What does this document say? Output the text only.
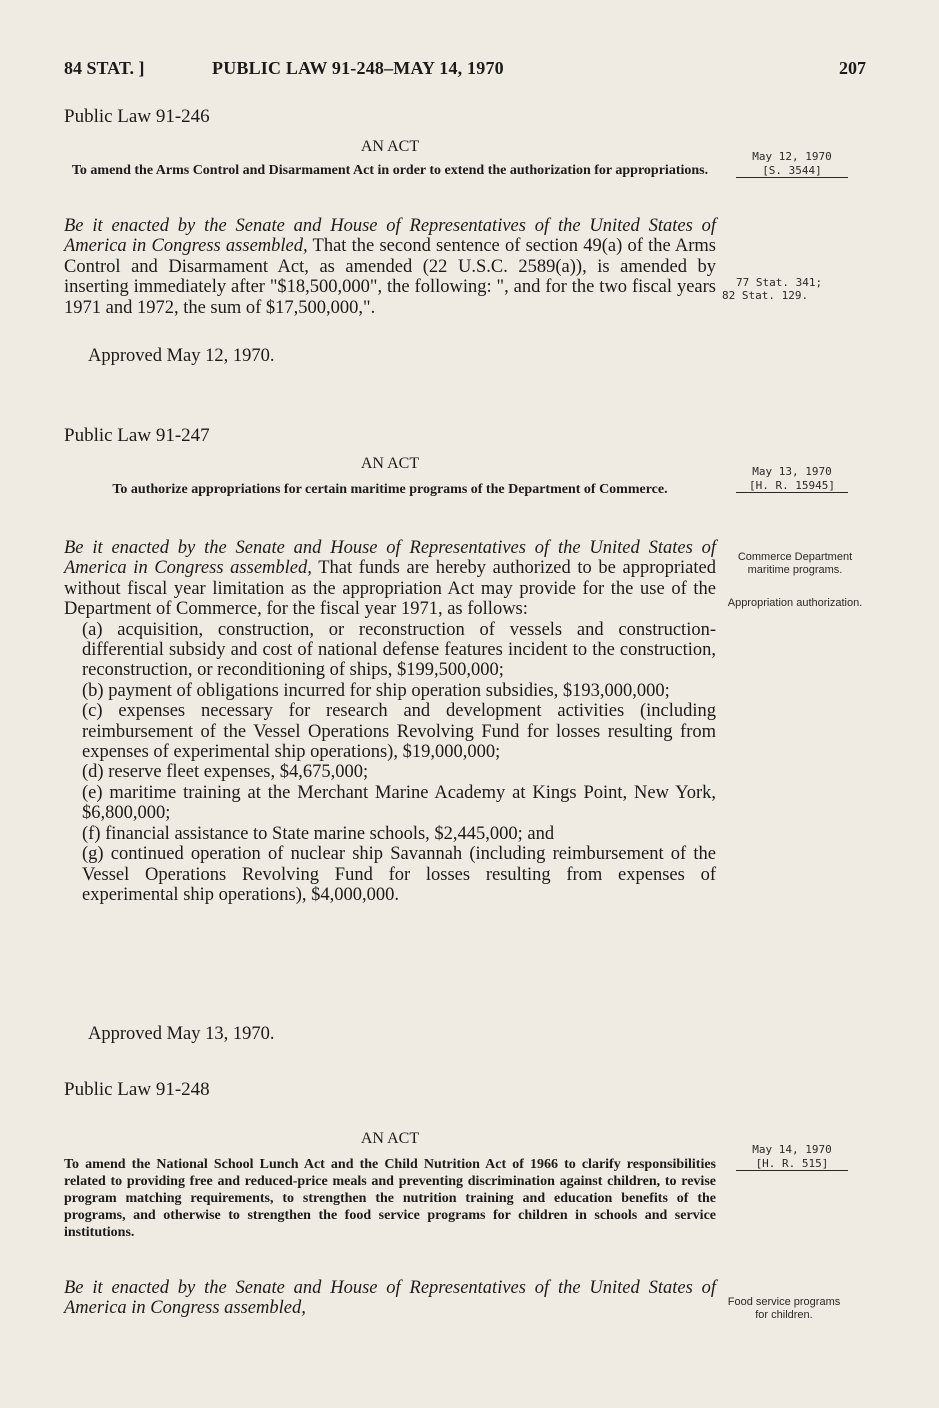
84 STAT. ]	PUBLIC LAW 91-248–MAY 14, 1970	207
Public Law 91-246
AN ACT
To amend the Arms Control and Disarmament Act in order to extend the authorization for appropriations.
May 12, 1970
[S. 3544]

Be it enacted by the Senate and House of Representatives of the United States of America in Congress assembled, That the second sentence of section 49(a) of the Arms Control and Disarmament Act, as amended (22 U.S.C. 2589(a)), is amended by inserting immediately after "$18,500,000", the following: ", and for the two fiscal years 1971 and 1972, the sum of $17,500,000,".

77 Stat. 341;
82 Stat. 129.
Approved May 12, 1970.
Public Law 91-247
AN ACT
To authorize appropriations for certain maritime programs of the Department of Commerce.
May 13, 1970
[H. R. 15945]

Be it enacted by the Senate and House of Representatives of the United States of America in Congress assembled, That funds are hereby authorized to be appropriated without fiscal year limitation as the appropriation Act may provide for the use of the Department of Commerce, for the fiscal year 1971, as follows:

(a) acquisition, construction, or reconstruction of vessels and construction-differential subsidy and cost of national defense features incident to the construction, reconstruction, or reconditioning of ships, $199,500,000;

(b) payment of obligations incurred for ship operation subsidies, $193,000,000;

(c) expenses necessary for research and development activities (including reimbursement of the Vessel Operations Revolving Fund for losses resulting from expenses of experimental ship operations), $19,000,000;

(d) reserve fleet expenses, $4,675,000;

(e) maritime training at the Merchant Marine Academy at Kings Point, New York, $6,800,000;

(f) financial assistance to State marine schools, $2,445,000; and

(g) continued operation of nuclear ship Savannah (including reimbursement of the Vessel Operations Revolving Fund for losses resulting from expenses of experimental ship operations), $4,000,000.

Commerce Department maritime programs.
Appropriation authorization.
Approved May 13, 1970.
Public Law 91-248
AN ACT
To amend the National School Lunch Act and the Child Nutrition Act of 1966 to clarify responsibilities related to providing free and reduced-price meals and preventing discrimination against children, to revise program matching requirements, to strengthen the nutrition training and education benefits of the programs, and otherwise to strengthen the food service programs for children in schools and service institutions.
May 14, 1970
[H. R. 515]

Be it enacted by the Senate and House of Representatives of the United States of America in Congress assembled,	Food service programs for children.
